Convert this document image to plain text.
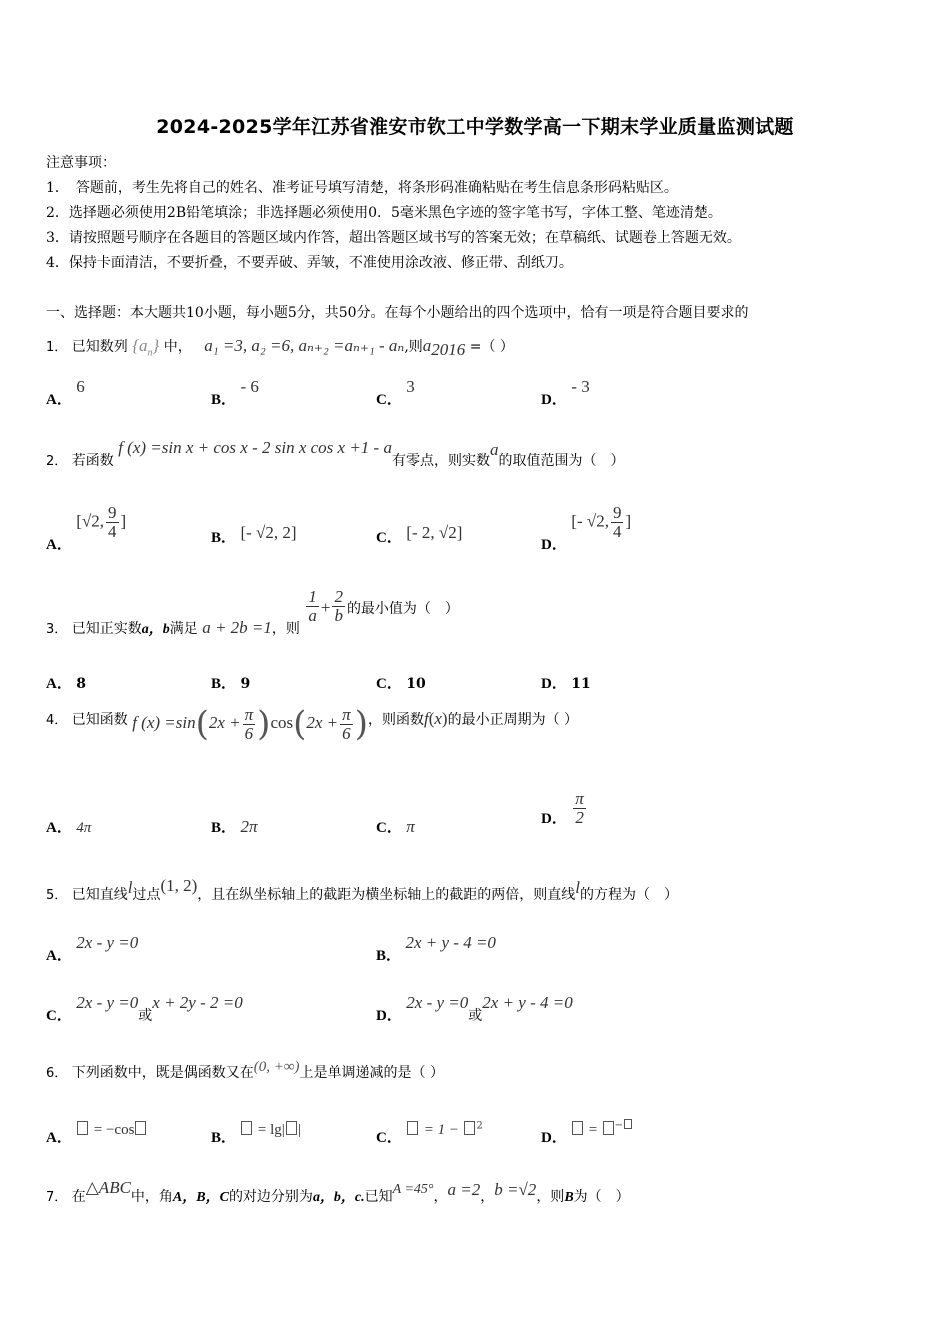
2024-2025学年江苏省淮安市钦工中学数学高一下期末学业质量监测试题
注意事项：
1．　答题前，考生先将自己的姓名、准考证号填写清楚，将条形码准确粘贴在考生信息条形码粘贴区。
2．选择题必须使用2B铅笔填涂；非选择题必须使用0．5毫米黑色字迹的签字笔书写，字体工整、笔迹清楚。
3．请按照题号顺序在各题目的答题区域内作答，超出答题区域书写的答案无效；在草稿纸、试题卷上答题无效。
4．保持卡面清洁，不要折叠，不要弄破、弄皱，不准使用涂改液、修正带、刮纸刀。
一、选择题：本大题共10小题，每小题5分，共50分。在每个小题给出的四个选项中，恰有一项是符合题目要求的
1． 已知数列 $\{a_n\}$ 中， a₁ =3, a₂ =6, aₙ₊₂ =aₙ₊₁ - aₙ,则$a_{2016}$ =（ ）
A． 6
B． - 6
C． 3
D． - 3
2． 若函数 f (x) =sin x + cos x - 2 sin x cos x +1 - a有零点，则实数a的取值范围为（　）
A． [√2, $\frac{9}{4}$ ]
B． [- √2, 2]	C． [- 2, √2]
D． [- √2, $\frac{9}{4}$ ]
3． 已知正实数a，b满足 a + 2b =1，则
$\frac{1}{a} + \frac{2}{b}$ 的最小值为（　）
A． 8	B． 9	C． 10	D． 11
4． 已知函数 f $(x) =\sin(2x + \frac{\pi}{6} )\cos(2x + \frac{\pi}{6}$ )，则函数f(x)的最小正周期为（ ）
A． 4π	B． 2π	C． π	D． $\frac{\pi}{2}$
5． 已知直线l过点(1, 2)，且在纵坐标轴上的截距为横坐标轴上的截距的两倍，则直线l的方程为（　）
A． 2x - y =0
B． 2x + y - 4 =0
C． 2x - y =0或x + 2y - 2 =0
D． 2x - y =0或2x + y - 4 =0
6． 下列函数中，既是偶函数又在(0, +∞)上是单调递减的是（ ）
A． = −cos	B． = lg| |	C． = 1 − $^2$
D． = −
7． 在△ABC中，角A，B，C的对边分别为a，b，c.已知A =45°，a =2，b =√2，则B为（　）
